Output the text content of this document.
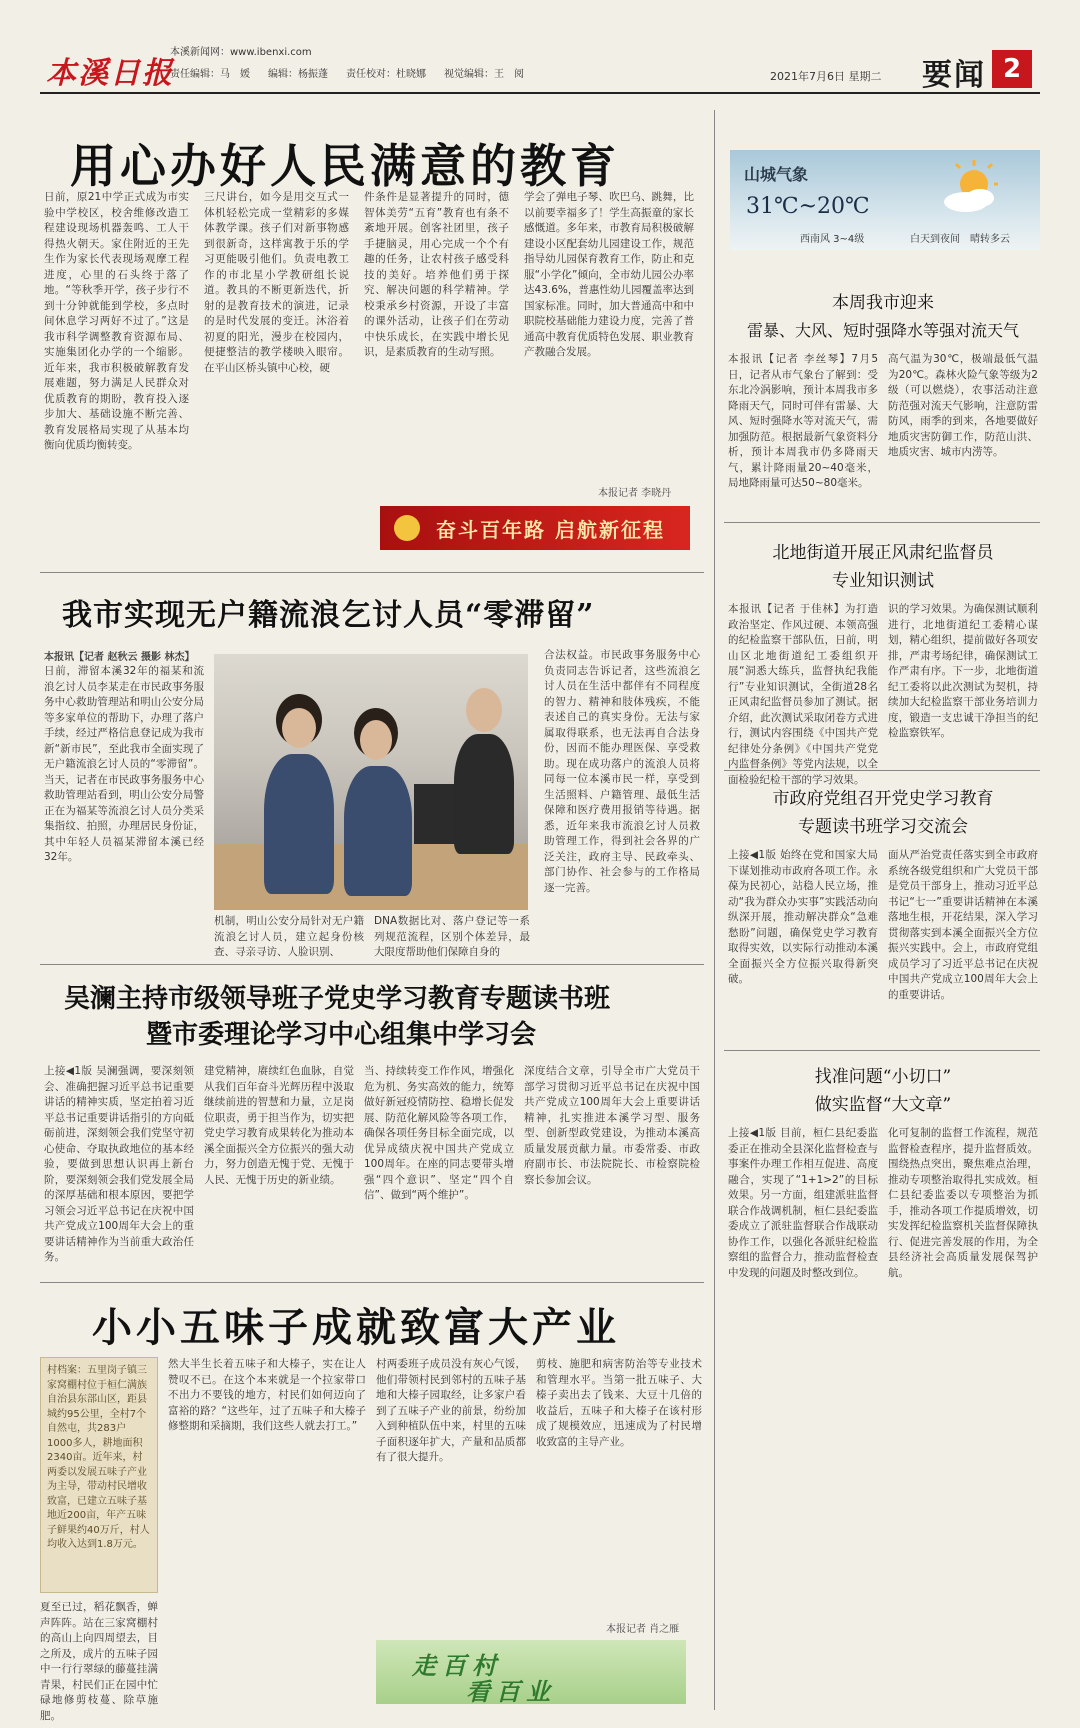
本溪日报
本溪新闻网：www.ibenxi.com
责任编辑：马　媛 编辑：杨振蓬 责任校对：杜晓娜 视觉编辑：王　阅	2021年7月6日 星期二 要闻 2
用心办好人民满意的教育
日前，原21中学正式成为市实验中学校区，校舍维修改造工程建设现场机器轰鸣、工人干得热火朝天。家住附近的王先生作为家长代表现场观摩工程进度，心里的石头终于落了地。“等秋季开学，孩子步行不到十分钟就能到学校，多点时间休息学习两好不过了。”这是我市科学调整教育资源布局、实施集团化办学的一个缩影。近年来，我市积极破解教育发展难题，努力满足人民群众对优质教育的期盼，教育投入逐步加大、基础设施不断完善、教育发展格局实现了从基本均衡向优质均衡转变。
三尺讲台，如今是用交互式一体机轻松完成一堂精彩的多媒体教学课。孩子们对新事物感到很新奇，这样寓教于乐的学习更能吸引他们。负责电教工作的市北星小学教研组长说道。教具的不断更新迭代，折射的是教育技术的演进，记录的是时代发展的变迁。沐浴着初夏的阳光，漫步在校园内，便捷整洁的教学楼映入眼帘。在平山区桥头镇中心校，硬
件条件是显著提升的同时，德智体美劳“五育”教育也有条不紊地开展。创客社团里，孩子手捷脑灵，用心完成一个个有趣的任务，让农村孩子感受科技的美好。培养他们勇于探究、解决问题的科学精神。学校秉承乡村资源，开设了丰富的课外活动，让孩子们在劳动中快乐成长，在实践中增长见识，是素质教育的生动写照。
学会了弹电子琴、吹巴乌、跳舞，比以前要幸福多了！学生高振童的家长感慨道。多年来，市教育局积极破解建设小区配套幼儿园建设工作，规范指导幼儿园保育教育工作，防止和克服“小学化”倾向，全市幼儿园公办率达43.6%，普惠性幼儿园覆盖率达到国家标准。同时，加大普通高中和中职院校基础能力建设力度，完善了普通高中教育优质特色发展、职业教育产教融合发展。
本报记者 李晓丹
奋斗百年路 启航新征程
山城气象
31℃~20℃
西南风 3~4级	白天到夜间　晴转多云
本周我市迎来
雷暴、大风、短时强降水等强对流天气
本报讯【记者 李丝琴】7月5日，记者从市气象台了解到：受东北冷涡影响，预计本周我市多降雨天气，同时可伴有雷暴、大风、短时强降水等对流天气，需加强防范。根据最新气象资料分析，预计本周我市仍多降雨天气，累计降雨量20~40毫米，局地降雨量可达50~80毫米。
高气温为30℃，极端最低气温为20℃。森林火险气象等级为2级（可以燃烧），农事活动注意防范强对流天气影响，注意防雷防风，雨季的到来，各地要做好地质灾害防御工作，防范山洪、地质灾害、城市内涝等。
北地街道开展正风肃纪监督员
专业知识测试
本报讯【记者 于佳林】为打造政治坚定、作风过硬、本领高强的纪检监察干部队伍，日前，明山区北地街道纪工委组织开展“洞悉大练兵，监督执纪我能行”专业知识测试，全街道28名正风肃纪监督员参加了测试。据介绍，此次测试采取闭卷方式进行，测试内容围绕《中国共产党纪律处分条例》《中国共产党党内监督条例》等党内法规，以全面检验纪检干部的学习效果。
识的学习效果。为确保测试顺利进行，北地街道纪工委精心谋划，精心组织，提前做好各项安排，严肃考场纪律，确保测试工作严肃有序。下一步，北地街道纪工委将以此次测试为契机，持续加大纪检监察干部业务培训力度，锻造一支忠诚干净担当的纪检监察铁军。
市政府党组召开党史学习教育
专题读书班学习交流会
上接◀1版 始终在党和国家大局下谋划推动市政府各项工作。永葆为民初心，站稳人民立场，推动“我为群众办实事”实践活动向纵深开展，推动解决群众“急难愁盼”问题，确保党史学习教育取得实效，以实际行动推动本溪全面振兴全方位振兴取得新突破。
面从严治党责任落实到全市政府系统各级党组织和广大党员干部是党员干部身上，推动习近平总书记“七一”重要讲话精神在本溪落地生根，开花结果，深入学习贯彻落实到本溪全面振兴全方位振兴实践中。会上，市政府党组成员学习了习近平总书记在庆祝中国共产党成立100周年大会上的重要讲话。
找准问题“小切口”
做实监督“大文章”
上接◀1版 目前，桓仁县纪委监委正在推动全县深化监督检查与事案件办理工作相互促进、高度融合，实现了“1+1>2”的目标效果。另一方面，组建派驻监督联合作战调机制，桓仁县纪委监委成立了派驻监督联合作战联动协作工作，以强化各派驻纪检监察组的监督合力，推动监督检查中发现的问题及时整改到位。
化可复制的监督工作流程，规范监督检查程序，提升监督质效。围绕热点突出，聚焦难点治理，推动专项整治取得扎实成效。桓仁县纪委监委以专项整治为抓手，推动各项工作提质增效，切实发挥纪检监察机关监督保障执行、促进完善发展的作用，为全县经济社会高质量发展保驾护航。
我市实现无户籍流浪乞讨人员“零滞留”
本报讯【记者 赵秋云 摄影 林杰】
日前，滞留本溪32年的福某和流浪乞讨人员李某走在市民政事务服务中心救助管理站和明山公安分局等多家单位的帮助下，办理了落户手续，经过严格信息登记成为我市新“新市民”，至此我市全面实现了无户籍流浪乞讨人员的“零滞留”。当天，记者在市民政事务服务中心救助管理站看到，明山公安分局警正在为福某等流浪乞讨人员分类采集指纹、拍照，办理居民身份证，其中年轻人员福某滞留本溪已经32年。
机制，明山公安分局针对无户籍流浪乞讨人员，建立起身份核查、寻亲寻访、人脸识别、
DNA数据比对、落户登记等一系列规范流程，区别个体差异，最大限度帮助他们保障自身的
合法权益。市民政事务服务中心负责同志告诉记者，这些流浪乞讨人员在生活中都伴有不同程度的智力、精神和肢体残疾，不能表述自己的真实身份。无法与家属取得联系，也无法再自合法身份，因而不能办理医保、享受救助。现在成功落户的流浪人员将同每一位本溪市民一样，享受到生活照料、户籍管理、最低生活保障和医疗费用报销等待遇。据悉，近年来我市流浪乞讨人员救助管理工作，得到社会各界的广泛关注，政府主导、民政牵头、部门协作、社会参与的工作格局逐一完善。
吴澜主持市级领导班子党史学习教育专题读书班
暨市委理论学习中心组集中学习会
上接◀1版 吴澜强调，要深刻领会、准确把握习近平总书记重要讲话的精神实质，坚定拍着习近平总书记重要讲话指引的方向砥砺前进，深刻领会我们党坚守初心使命、夺取执政地位的基本经验，要做到思想认识再上新台阶，要深刻领会我们党发展全局的深厚基础和根本原因，要把学习领会习近平总书记在庆祝中国共产党成立100周年大会上的重要讲话精神作为当前重大政治任务。
建党精神，赓续红色血脉，自觉从我们百年奋斗光辉历程中汲取继续前进的智慧和力量，立足岗位职责，勇于担当作为，切实把党史学习教育成果转化为推动本溪全面振兴全方位振兴的强大动力，努力创造无愧于党、无愧于人民、无愧于历史的新业绩。
当、持续转变工作作风，增强化危为机、务实高效的能力，统筹做好新冠疫情防控、稳增长促发展、防范化解风险等各项工作，确保各项任务目标全面完成，以优异成绩庆祝中国共产党成立100周年。在座的同志要带头增强“四个意识”、坚定“四个自信”、做到“两个维护”。
深度结合文章，引导全市广大党员干部学习贯彻习近平总书记在庆祝中国共产党成立100周年大会上重要讲话精神，扎实推进本溪学习型、服务型、创新型政党建设，为推动本溪高质量发展贡献力量。市委常委、市政府副市长、市法院院长、市检察院检察长参加会议。
小小五味子成就致富大产业
村档案：五里岗子镇三家窝棚村位于桓仁满族自治县东部山区，距县城约95公里，全村7个自然屯，共283户1000多人，耕地面积2340亩。近年来，村两委以发展五味子产业为主导，带动村民增收致富，已建立五味子基地近200亩，年产五味子鲜果约40万斤，村人均收入达到1.8万元。
夏至已过，稻花飘香，蝉声阵阵。站在三家窝棚村的高山上向四周望去，目之所及，成片的五味子园中一行行翠绿的藤蔓挂满青果，村民们正在园中忙碌地修剪枝蔓、除草施肥。
然大半生长着五味子和大榛子，实在让人赞叹不已。在这个本来就是一个拉家带口不出力不要钱的地方，村民们如何迈向了富裕的路？“这些年，过了五味子和大榛子修整期和采摘期，我们这些人就去打工。”
村两委班子成员没有灰心气馁，他们带领村民到邻村的五味子基地和大榛子园取经，让多家户看到了五味子产业的前景，纷纷加入到种植队伍中来，村里的五味子面积逐年扩大，产量和品质都有了很大提升。
剪枝、施肥和病害防治等专业技术和管理水平。当第一批五味子、大榛子卖出去了钱来、大豆十几倍的收益后，五味子和大榛子在该村形成了规模效应，迅速成为了村民增收致富的主导产业。
本报记者 肖之雁
走百村
看百业
